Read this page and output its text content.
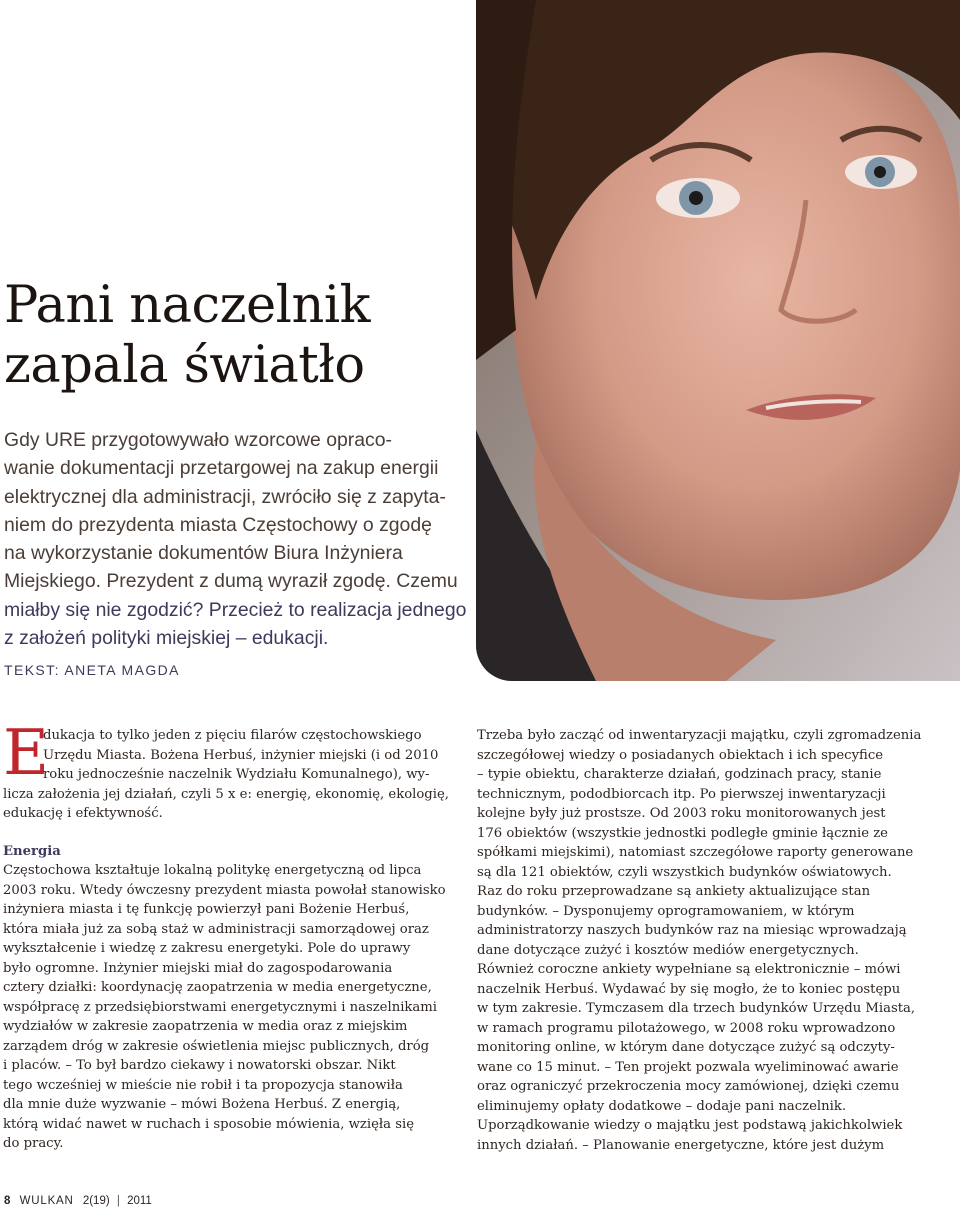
Pani naczelnik
zapala światło

Gdy URE przygotowywało wzorcowe opraco-
wanie dokumentacji przetargowej na zakup energii
elektrycznej dla administracji, zwróciło się z zapyta-
niem do prezydenta miasta Częstochowy o zgodę
na wykorzystanie dokumentów Biura Inżyniera
Miejskiego. Prezydent z dumą wyraził zgodę. Czemu
miałby się nie zgodzić? Przecież to realizacja jednego
z założeń polityki miejskiej – edukacji.

TEKST: ANETA MAGDA

E
dukacja to tylko jeden z pięciu filarów częstochowskiego
Urzędu Miasta. Bożena Herbuś, inżynier miejski (i od 2010
roku jednocześnie naczelnik Wydziału Komunalnego), wy-
licza założenia jej działań, czyli 5 x e: energię, ekonomię, ekologię,
edukację i efektywność.
Energia
Częstochowa kształtuje lokalną politykę energetyczną od lipca
2003 roku. Wtedy ówczesny prezydent miasta powołał stanowisko
inżyniera miasta i tę funkcję powierzył pani Bożenie Herbuś,
która miała już za sobą staż w administracji samorządowej oraz
wykształcenie i wiedzę z zakresu energetyki. Pole do uprawy
było ogromne. Inżynier miejski miał do zagospodarowania
cztery działki: koordynację zaopatrzenia w media energetyczne,
współpracę z przedsiębiorstwami energetycznymi i naszelnikami
wydziałów w zakresie zaopatrzenia w media oraz z miejskim
zarządem dróg w zakresie oświetlenia miejsc publicznych, dróg
i placów. – To był bardzo ciekawy i nowatorski obszar. Nikt
tego wcześniej w mieście nie robił i ta propozycja stanowiła
dla mnie duże wyzwanie – mówi Bożena Herbuś. Z energią,
którą widać nawet w ruchach i sposobie mówienia, wzięła się
do pracy.
Trzeba było zacząć od inwentaryzacji majątku, czyli zgromadzenia
szczegółowej wiedzy o posiadanych obiektach i ich specyfice
– typie obiektu, charakterze działań, godzinach pracy, stanie
technicznym, pododbiorcach itp. Po pierwszej inwentaryzacji
kolejne były już prostsze. Od 2003 roku monitorowanych jest
176 obiektów (wszystkie jednostki podległe gminie łącznie ze
spółkami miejskimi), natomiast szczegółowe raporty generowane
są dla 121 obiektów, czyli wszystkich budynków oświatowych.
Raz do roku przeprowadzane są ankiety aktualizujące stan
budynków. – Dysponujemy oprogramowaniem, w którym
administratorzy naszych budynków raz na miesiąc wprowadzają
dane dotyczące zużyć i kosztów mediów energetycznych.
Również coroczne ankiety wypełniane są elektronicznie – mówi
naczelnik Herbuś. Wydawać by się mogło, że to koniec postępu
w tym zakresie. Tymczasem dla trzech budynków Urzędu Miasta,
w ramach programu pilotażowego, w 2008 roku wprowadzono
monitoring online, w którym dane dotyczące zużyć są odczyty-
wane co 15 minut. – Ten projekt pozwala wyeliminować awarie
oraz ograniczyć przekroczenia mocy zamówionej, dzięki czemu
eliminujemy opłaty dodatkowe – dodaje pani naczelnik.
Uporządkowanie wiedzy o majątku jest podstawą jakichkolwiek
innych działań. – Planowanie energetyczne, które jest dużym
8 WULKAN 2(19) | 2011
